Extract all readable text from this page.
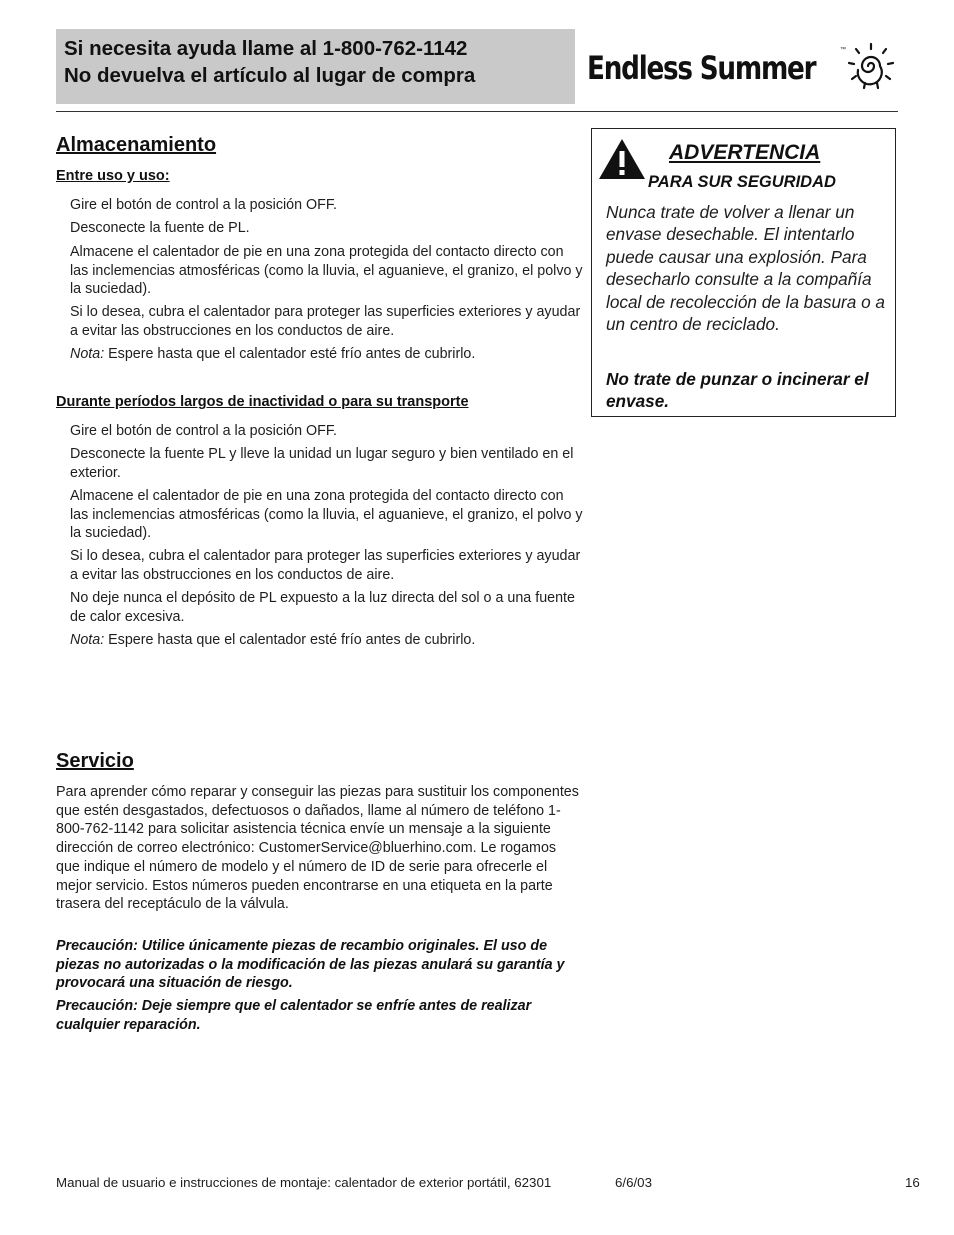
Si necesita ayuda llame al 1-800-762-1142
No devuelva el artículo al lugar de compra	Endless Summer	™
Almacenamiento
Entre uso y uso:
Gire el botón de control a la posición OFF.
Desconecte la fuente de PL.
Almacene el calentador de pie en una zona protegida del contacto directo con las inclemencias atmosféricas (como la lluvia, el aguanieve, el granizo, el polvo y la suciedad).
Si lo desea, cubra el calentador para proteger las superficies exteriores y ayudar a evitar las obstrucciones en los conductos de aire.
Nota: Espere hasta que el calentador esté frío antes de cubrirlo.
Durante períodos largos de inactividad o para su transporte
Gire el botón de control a la posición OFF.
Desconecte la fuente PL y lleve la unidad un lugar seguro y bien ventilado en el exterior.
Almacene el calentador de pie en una zona protegida del contacto directo con las inclemencias atmosféricas (como la lluvia, el aguanieve, el granizo, el polvo y la suciedad).
Si lo desea, cubra el calentador para proteger las superficies exteriores y ayudar a evitar las obstrucciones en los conductos de aire.
No deje nunca el depósito de PL expuesto a la luz directa del sol o a una fuente de calor excesiva.
Nota: Espere hasta que el calentador esté frío antes de cubrirlo.
Servicio
Para aprender cómo reparar y conseguir las piezas para sustituir los componentes que estén desgastados, defectuosos o dañados, llame al número de teléfono 1-800-762-1142 para solicitar asistencia técnica envíe un mensaje a la siguiente dirección de correo electrónico: CustomerService@bluerhino.com. Le rogamos que indique el número de modelo y el número de ID de serie para ofrecerle el mejor servicio. Estos números pueden encontrarse en una etiqueta en la parte trasera del receptáculo de la válvula.
Precaución: Utilice únicamente piezas de recambio originales. El uso de piezas no autorizadas o la modificación de las piezas anulará su garantía y provocará una situación de riesgo.
Precaución: Deje siempre que el calentador se enfríe antes de realizar cualquier reparación.
ADVERTENCIA
PARA SUR SEGURIDAD
Nunca trate de volver a llenar un envase desechable. El intentarlo puede causar una explosión. Para desecharlo consulte a la compañía local de recolección de la basura o a un centro de reciclado.
No trate de punzar o incinerar el envase.
Manual de usuario e instrucciones de montaje: calentador de exterior portátil, 62301	6/6/03	16
